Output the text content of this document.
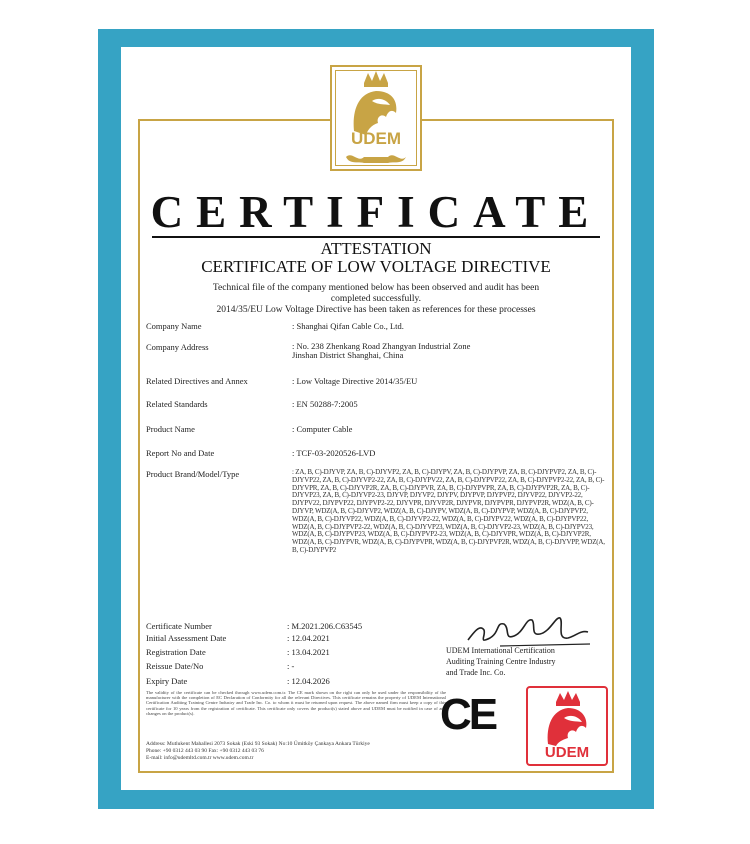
UDEM
CERTIFICATE
ATTESTATION
CERTIFICATE OF LOW VOLTAGE DIRECTIVE
Technical file of the company mentioned below has been observed and audit has been
completed successfully.
2014/35/EU Low Voltage Directive has been taken as references for these processes
Company Name	: Shanghai Qifan Cable Co., Ltd.
Company Address	: No. 238 Zhenkang Road Zhangyan Industrial Zone Jinshan District Shanghai, China
Related Directives and Annex	: Low Voltage Directive 2014/35/EU
Related Standards	: EN 50288-7:2005
Product Name	: Computer Cable
Report No and Date	: TCF-03-2020526-LVD
Product Brand/Model/Type	: ZA, B, C)-DJYVP, ZA, B, C)-DJYVP2, ZA, B, C)-DJYPV, ZA, B, C)-DJYPVP, ZA, B, C)-DJYPVP2, ZA, B, C)-DJYVP22, ZA, B, C)-DJYVP2-22, ZA, B, C)-DJYPV22, ZA, B, C)-DJYPVP22, ZA, B, C)-DJYPVP2-22, ZA, B, C)-DJYVPR, ZA, B, C)-DJYVP2R, ZA, B, C)-DJYPVR, ZA, B, C)-DJYPVPR, ZA, B, C)-DJYPVP2R, ZA, B, C)-DJYVP23, ZA, B, C)-DJYVP2-23, DJYVP, DJYVP2, DJYPV, DJYPVP, DJYPVP2, DJYVP22, DJYVP2-22, DJYPV22, DJYPVP22, DJYPVP2-22, DJYVPR, DJYVP2R, DJYPVR, DJYPVPR, DJYPVP2R, WDZ(A, B, C)-DJYVP, WDZ(A, B, C)-DJYVP2, WDZ(A, B, C)-DJYPV, WDZ(A, B, C)-DJYPVP, WDZ(A, B, C)-DJYPVP2, WDZ(A, B, C)-DJYVP22, WDZ(A, B, C)-DJYVP2-22, WDZ(A, B, C)-DJYPV22, WDZ(A, B, C)-DJYPVP22, WDZ(A, B, C)-DJYPVP2-22, WDZ(A, B, C)-DJYVP23, WDZ(A, B, C)-DJYVP2-23, WDZ(A, B, C)-DJYPV23, WDZ(A, B, C)-DJYPVP23, WDZ(A, B, C)-DJYPVP2-23, WDZ(A, B, C)-DJYVPR, WDZ(A, B, C)-DJYVP2R, WDZ(A, B, C)-DJYPVR, WDZ(A, B, C)-DJYPVPR, WDZ(A, B, C)-DJYPVP2R, WDZ(A, B, C)-DJYVPP, WDZ(A, B, C)-DJYPVP2
Certificate Number	: M.2021.206.C63545
Initial Assessment Date	: 12.04.2021
Registration Date	: 13.04.2021
Reissue Date/No	: -
Expiry Date	: 12.04.2026
The validity of the certificate can be checked through www.udem.com.tr. The CE mark shown on the right can only be used under the responsibility of the manufacturer with the completion of EC Declaration of Conformity for all the relevant Directives. This certificate remains the property of UDEM International Certification Auditing Training Centre Industry and Trade Inc. Co. to whom it must be returned upon request. The above named firm must keep a copy of this certificate for 10 years from the registration of certificate. This certificate only covers the product(s) stated above and UDEM must be notified in case of any changes on the product(s).
Address: Mutlukent Mahallesi 2073 Sokak (Eski 93 Sokak) No:10 Ümitköy Çankaya Ankara Türkiye
Phone: +90 0312 443 03 90 Fax: +90 0312 443 03 76
E-mail: info@udemltd.com.tr www.udem.com.tr
UDEM International Certification
Auditing Training Centre Industry
and Trade Inc. Co.
CE
UDEM
